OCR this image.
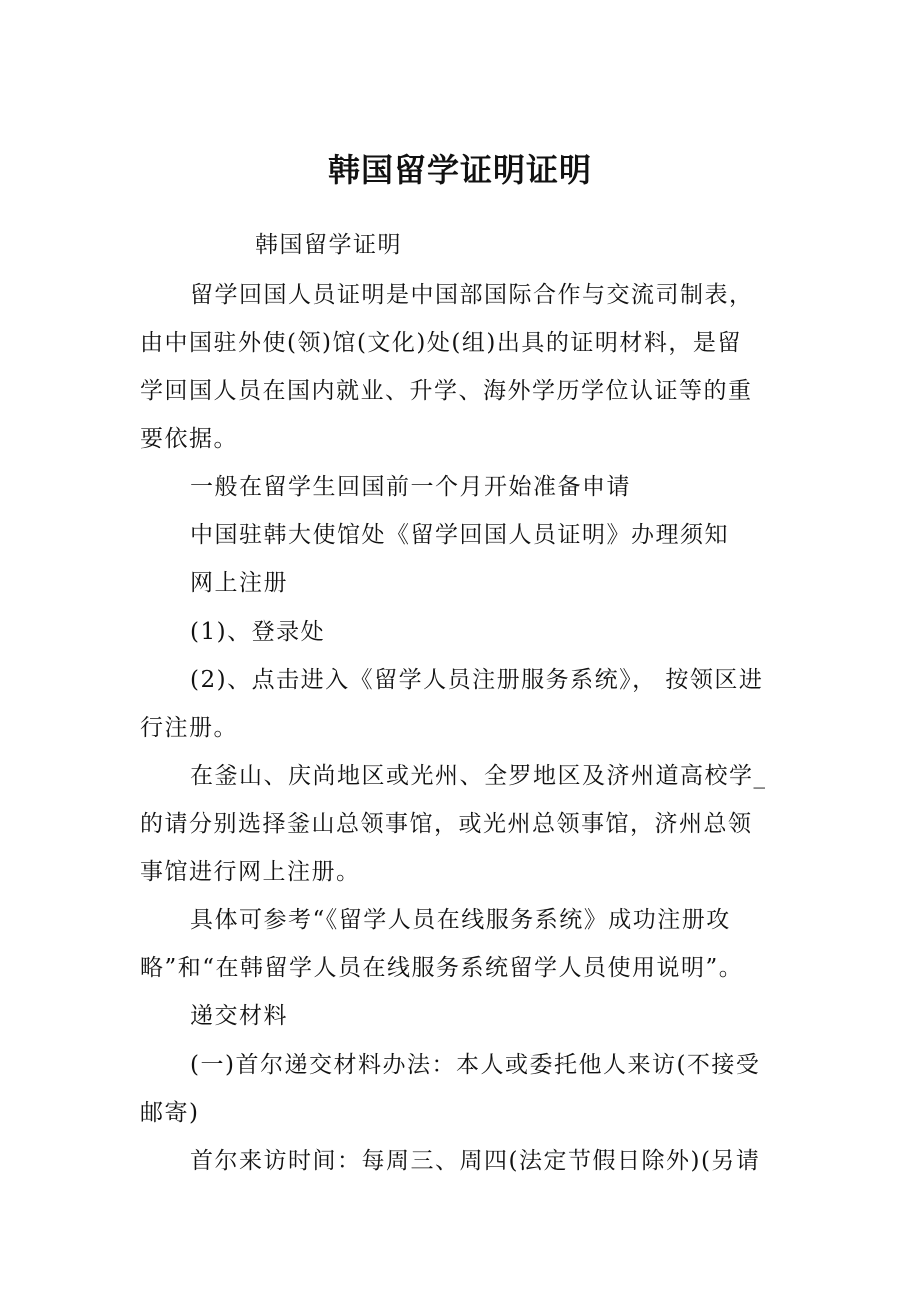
韩国留学证明证明
韩国留学证明
留学回国人员证明是中国部国际合作与交流司制表，
由中国驻外使(领)馆(文化)处(组)出具的证明材料，是留
学回国人员在国内就业、升学、海外学历学位认证等的重
要依据。
一般在留学生回国前一个月开始准备申请
中国驻韩大使馆处《留学回国人员证明》办理须知
网上注册
(1)、登录处
(2)、点击进入《留学人员注册服务系统》， 按领区进
行注册。
在釜山、庆尚地区或光州、全罗地区及济州道高校学_
的请分别选择釜山总领事馆，或光州总领事馆，济州总领
事馆进行网上注册。
具体可参考“《留学人员在线服务系统》成功注册攻
略”和“在韩留学人员在线服务系统留学人员使用说明”。
递交材料
(一)首尔递交材料办法：本人或委托他人来访(不接受
邮寄)
首尔来访时间：每周三、周四(法定节假日除外)(另请
